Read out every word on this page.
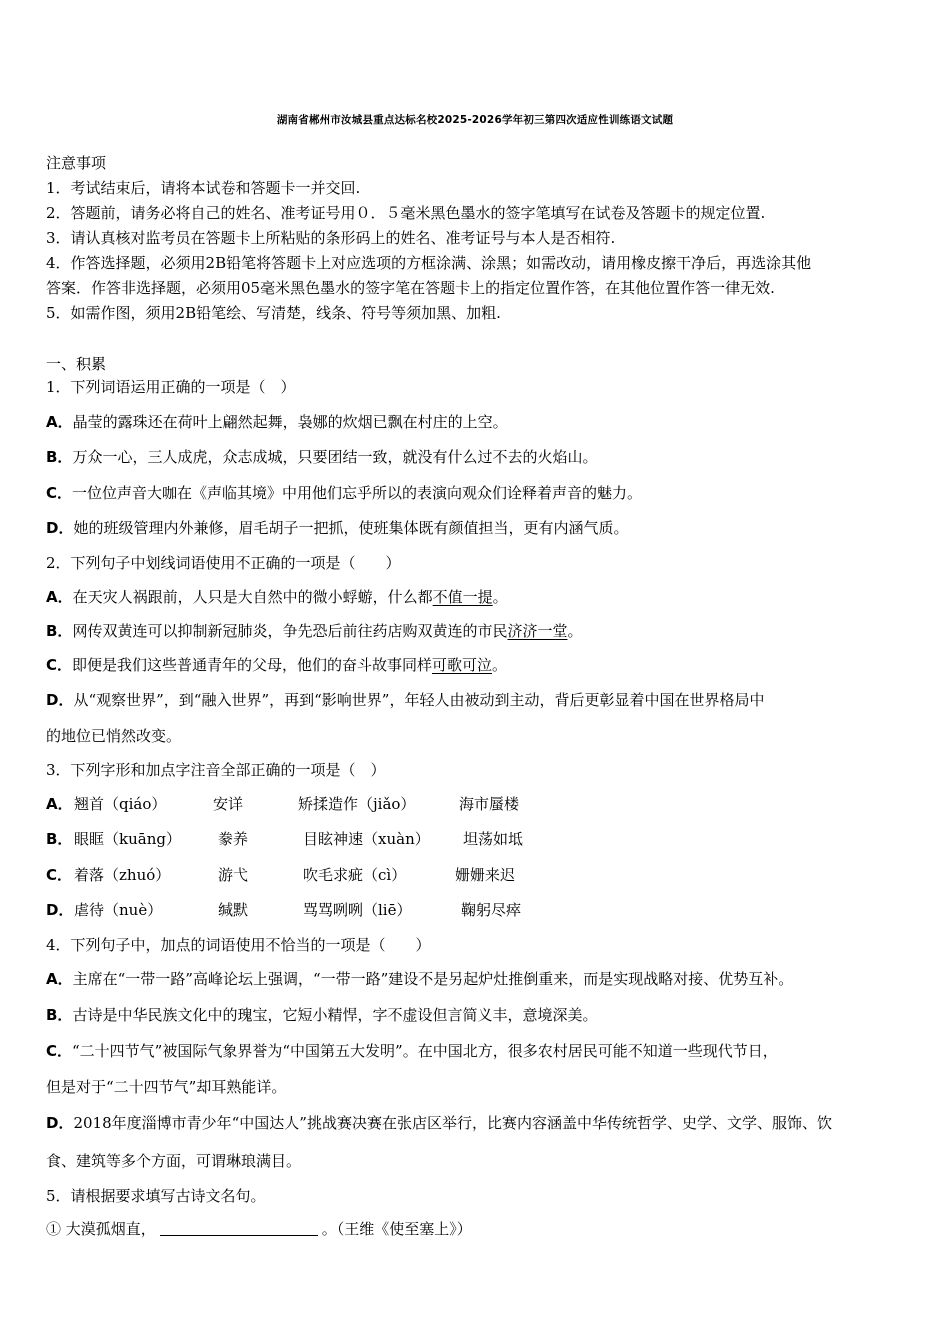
湖南省郴州市汝城县重点达标名校2025-2026学年初三第四次适应性训练语文试题
注意事项
1．考试结束后，请将本试卷和答题卡一并交回.
2．答题前，请务必将自己的姓名、准考证号用０．５毫米黑色墨水的签字笔填写在试卷及答题卡的规定位置.
3．请认真核对监考员在答题卡上所粘贴的条形码上的姓名、准考证号与本人是否相符.
4．作答选择题，必须用2B铅笔将答题卡上对应选项的方框涂满、涂黑；如需改动，请用橡皮擦干净后，再选涂其他
答案．作答非选择题，必须用05毫米黑色墨水的签字笔在答题卡上的指定位置作答，在其他位置作答一律无效.
5．如需作图，须用2B铅笔绘、写清楚，线条、符号等须加黑、加粗.
一、积累
1．下列词语运用正确的一项是（　）
A．晶莹的露珠还在荷叶上翩然起舞，袅娜的炊烟已飘在村庄的上空。
B．万众一心，三人成虎，众志成城，只要团结一致，就没有什么过不去的火焰山。
C．一位位声音大咖在《声临其境》中用他们忘乎所以的表演向观众们诠释着声音的魅力。
D．她的班级管理内外兼修，眉毛胡子一把抓，使班集体既有颜值担当，更有内涵气质。
2．下列句子中划线词语使用不正确的一项是（　　）
A．在天灾人祸跟前，人只是大自然中的微小蜉蝣，什么都不值一提。
B．网传双黄连可以抑制新冠肺炎，争先恐后前往药店购双黄连的市民济济一堂。
C．即便是我们这些普通青年的父母，他们的奋斗故事同样可歌可泣。
D．从“观察世界”，到“融入世界”，再到“影响世界”，年轻人由被动到主动，背后更彰显着中国在世界格局中
的地位已悄然改变。
3．下列字形和加点字注音全部正确的一项是（　）
A． 翘首（qiáo）	安详	矫揉造作（jiǎo）	海市蜃楼
B． 眼眶（kuāng） 豢养	目眩神速（xuàn） 坦荡如坻
C． 着落（zhuó）	游弋	吹毛求疵（cì）	姗姗来迟
D． 虐待（nuè）	缄默	骂骂咧咧（liē）	鞠躬尽瘁
4．下列句子中，加点的词语使用不恰当的一项是（　　）
A．主席在“一带一路”高峰论坛上强调，“一带一路”建设不是另起炉灶推倒重来，而是实现战略对接、优势互补。
B．古诗是中华民族文化中的瑰宝，它短小精悍，字不虚设但言简义丰，意境深美。
C．“二十四节气”被国际气象界誉为“中国第五大发明”。在中国北方，很多农村居民可能不知道一些现代节日，
但是对于“二十四节气”却耳熟能详。
D．2018年度淄博市青少年“中国达人”挑战赛决赛在张店区举行，比赛内容涵盖中华传统哲学、史学、文学、服饰、饮
食、建筑等多个方面，可谓琳琅满目。
5．请根据要求填写古诗文名句。
① 大漠孤烟直，	。（王维《使至塞上》）
